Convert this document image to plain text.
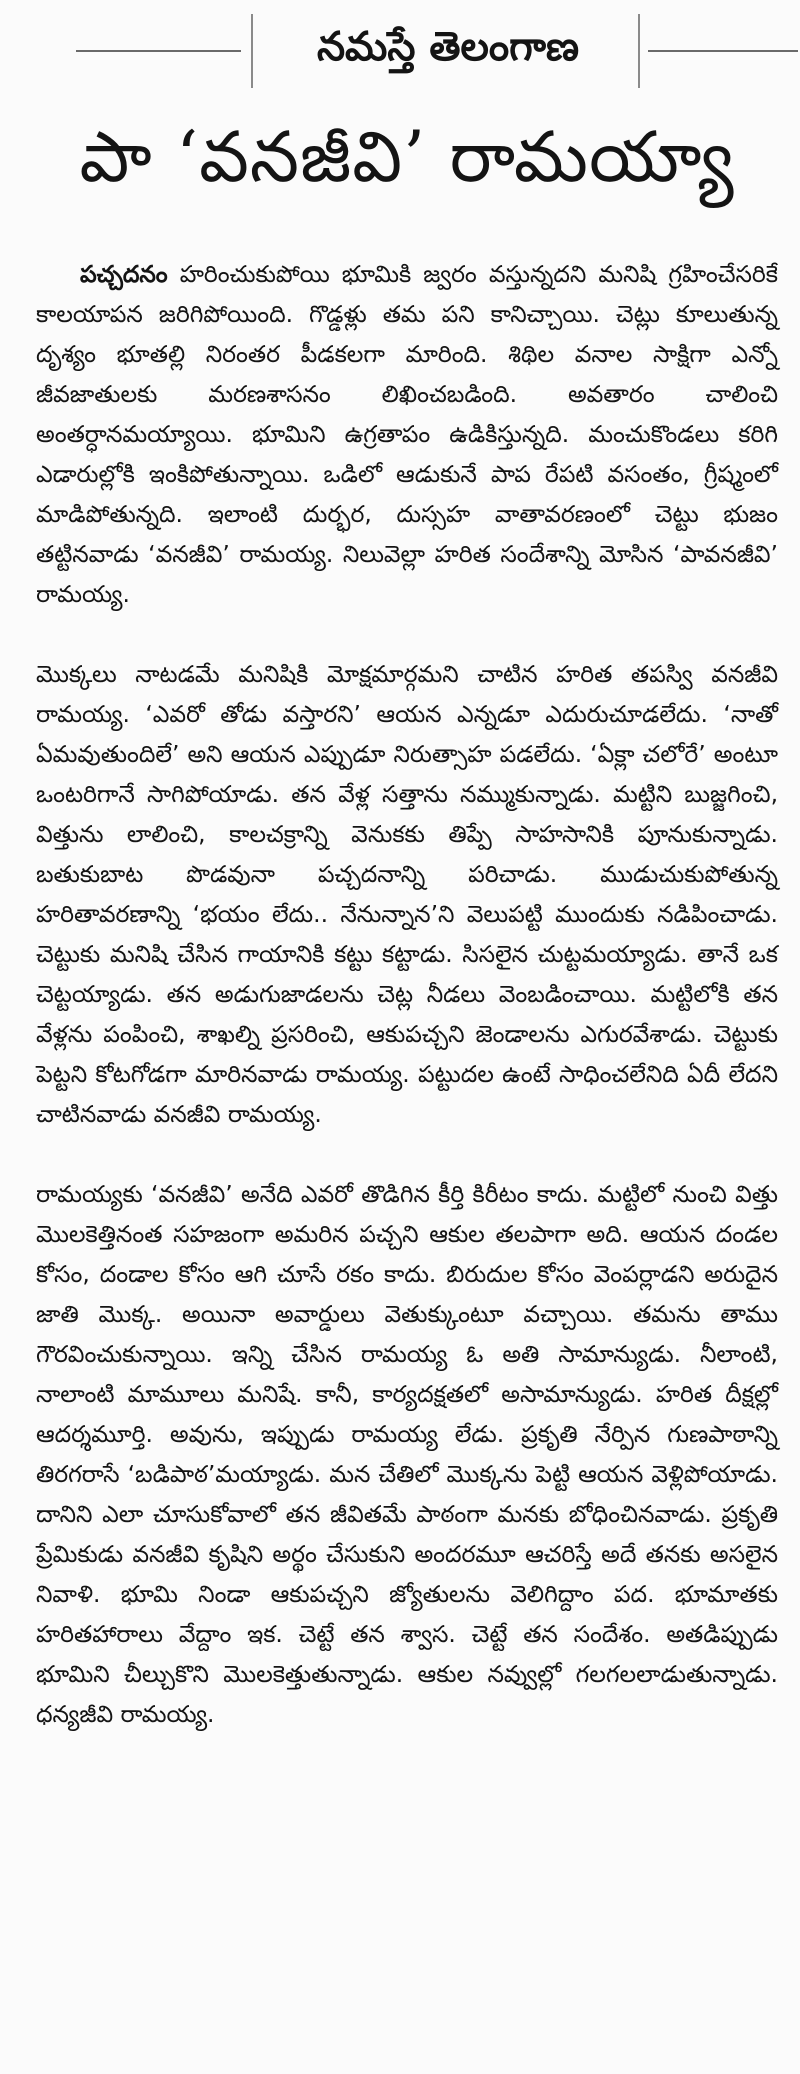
నమస్తే తెలంగాణ
పా ‘వనజీవి’ రామయ్యా

పచ్చదనం హరించుకుపోయి భూమికి జ్వరం వస్తున్నదని మనిషి గ్రహించేసరికే కాలయాపన జరిగిపోయింది. గొడ్డళ్లు తమ పని కానిచ్చాయి. చెట్లు కూలుతున్న దృశ్యం భూతల్లి నిరంతర పీడకలగా మారింది. శిథిల వనాల సాక్షిగా ఎన్నో జీవజాతులకు మరణశాసనం లిఖించబడింది. అవతారం చాలించి అంతర్ధానమయ్యాయి. భూమిని ఉగ్రతాపం ఉడికిస్తున్నది. మంచుకొండలు కరిగి ఎడారుల్లోకి ఇంకిపోతున్నాయి. ఒడిలో ఆడుకునే పాప రేపటి వసంతం, గ్రీష్మంలో మాడిపోతున్నది. ఇలాంటి దుర్భర, దుస్సహ వాతావరణంలో చెట్టు భుజం తట్టినవాడు ‘వనజీవి’ రామయ్య. నిలువెల్లా హరిత సందేశాన్ని మోసిన ‘పావనజీవి’ రామయ్య.

మొక్కలు నాటడమే మనిషికి మోక్షమార్గమని చాటిన హరిత తపస్వి వనజీవి రామయ్య. ‘ఎవరో తోడు వస్తారని’ ఆయన ఎన్నడూ ఎదురుచూడలేదు. ‘నాతో ఏమవుతుందిలే’ అని ఆయన ఎప్పుడూ నిరుత్సాహ పడలేదు. ‘ఏక్లా చలోరే’ అంటూ ఒంటరిగానే సాగిపోయాడు. తన వేళ్ల సత్తాను నమ్ముకున్నాడు. మట్టిని బుజ్జగించి, విత్తును లాలించి, కాలచక్రాన్ని వెనుకకు తిప్పే సాహసానికి పూనుకున్నాడు. బతుకుబాట పొడవునా పచ్చదనాన్ని పరిచాడు. ముడుచుకుపోతున్న హరితావరణాన్ని ‘భయం లేదు.. నేనున్నాన’ని వెలుపట్టి ముందుకు నడిపించాడు. చెట్టుకు మనిషి చేసిన గాయానికి కట్టు కట్టాడు. సిసలైన చుట్టమయ్యాడు. తానే ఒక చెట్టయ్యాడు. తన అడుగుజాడలను చెట్ల నీడలు వెంబడించాయి. మట్టిలోకి తన వేళ్లను పంపించి, శాఖల్ని ప్రసరించి, ఆకుపచ్చని జెండాలను ఎగురవేశాడు. చెట్టుకు పెట్టని కోటగోడగా మారినవాడు రామయ్య. పట్టుదల ఉంటే సాధించలేనిది ఏదీ లేదని చాటినవాడు వనజీవి రామయ్య.

రామయ్యకు ‘వనజీవి’ అనేది ఎవరో తొడిగిన కీర్తి కిరీటం కాదు. మట్టిలో నుంచి విత్తు మొలకెత్తినంత సహజంగా అమరిన పచ్చని ఆకుల తలపాగా అది. ఆయన దండల కోసం, దండాల కోసం ఆగి చూసే రకం కాదు. బిరుదుల కోసం వెంపర్లాడని అరుదైన జాతి మొక్క. అయినా అవార్డులు వెతుక్కుంటూ వచ్చాయి. తమను తాము గౌరవించుకున్నాయి. ఇన్ని చేసిన రామయ్య ఓ అతి సామాన్యుడు. నీలాంటి, నాలాంటి మామూలు మనిషే. కానీ, కార్యదక్షతలో అసామాన్యుడు. హరిత దీక్షల్లో ఆదర్శమూర్తి. అవును, ఇప్పుడు రామయ్య లేడు. ప్రకృతి నేర్పిన గుణపాఠాన్ని తిరగరాసే ‘బడిపాఠ’మయ్యాడు. మన చేతిలో మొక్కను పెట్టి ఆయన వెళ్లిపోయాడు. దానిని ఎలా చూసుకోవాలో తన జీవితమే పాఠంగా మనకు బోధించినవాడు. ప్రకృతి ప్రేమికుడు వనజీవి కృషిని అర్థం చేసుకుని అందరమూ ఆచరిస్తే అదే తనకు అసలైన నివాళి. భూమి నిండా ఆకుపచ్చని జ్యోతులను వెలిగిద్దాం పద. భూమాతకు హరితహారాలు వేద్దాం ఇక. చెట్టే తన శ్వాస. చెట్టే తన సందేశం. అతడిప్పుడు భూమిని చీల్చుకొని మొలకెత్తుతున్నాడు. ఆకుల నవ్వుల్లో గలగలలాడుతున్నాడు. ధన్యజీవి రామయ్య.
